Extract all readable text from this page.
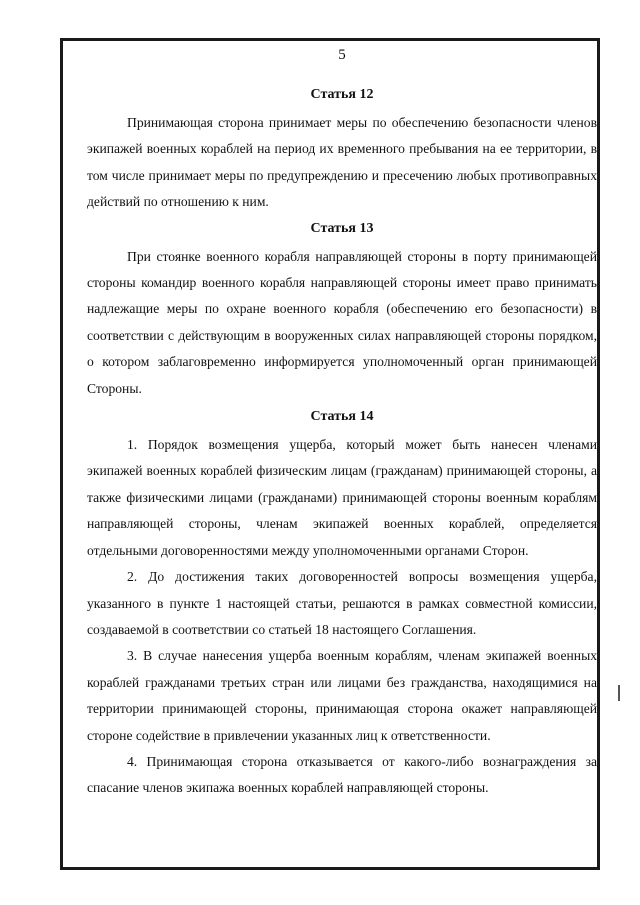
5
Статья 12

Принимающая сторона принимает меры по обеспечению безопасности членов экипажей военных кораблей на период их временного пребывания на ее территории, в том числе принимает меры по предупреждению и пресечению любых противоправных действий по отношению к ним.

Статья 13

При стоянке военного корабля направляющей стороны в порту принимающей стороны командир военного корабля направляющей стороны имеет право принимать надлежащие меры по охране военного корабля (обеспечению его безопасности) в соответствии с действующим в вооруженных силах направляющей стороны порядком, о котором заблаговременно информируется уполномоченный орган принимающей Стороны.

Статья 14

1. Порядок возмещения ущерба, который может быть нанесен членами экипажей военных кораблей физическим лицам (гражданам) принимающей стороны, а также физическими лицами (гражданами) принимающей стороны военным кораблям направляющей стороны, членам экипажей военных кораблей, определяется отдельными договоренностями между уполномоченными органами Сторон.

2. До достижения таких договоренностей вопросы возмещения ущерба, указанного в пункте 1 настоящей статьи, решаются в рамках совместной комиссии, создаваемой в соответствии со статьей 18 настоящего Соглашения.

3. В случае нанесения ущерба военным кораблям, членам экипажей военных кораблей гражданами третьих стран или лицами без гражданства, находящимися на территории принимающей стороны, принимающая сторона окажет направляющей стороне содействие в привлечении указанных лиц к ответственности.

4. Принимающая сторона отказывается от какого-либо вознаграждения за спасание членов экипажа военных кораблей направляющей стороны.
